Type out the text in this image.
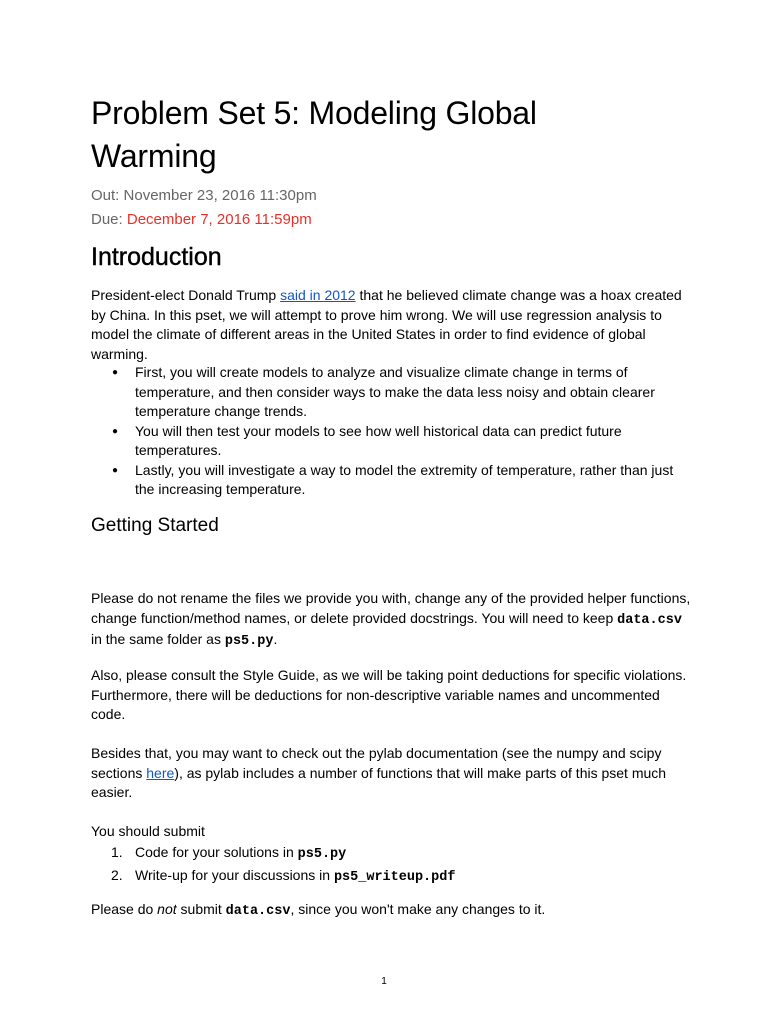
Problem Set 5: Modeling Global Warming
Out: November 23, 2016 11:30pm
Due: December 7, 2016 11:59pm
Introduction

President-elect Donald Trump said in 2012 that he believed climate change was a hoax created by China. In this pset, we will attempt to prove him wrong. We will use regression analysis to model the climate of different areas in the United States in order to find evidence of global warming.

● First, you will create models to analyze and visualize climate change in terms of temperature, and then consider ways to make the data less noisy and obtain clearer temperature change trends.
● You will then test your models to see how well historical data can predict future temperatures.
● Lastly, you will investigate a way to model the extremity of temperature, rather than just the increasing temperature.
Getting Started

Please do not rename the files we provide you with, change any of the provided helper functions, change function/method names, or delete provided docstrings. You will need to keep data.csv in the same folder as ps5.py.

Also, please consult the Style Guide, as we will be taking point deductions for specific violations. Furthermore, there will be deductions for non-descriptive variable names and uncommented code.

Besides that, you may want to check out the pylab documentation (see the numpy and scipy sections here), as pylab includes a number of functions that will make parts of this pset much easier.

You should submit

1. Code for your solutions in ps5.py
2. Write-up for your discussions in ps5_writeup.pdf

Please do not submit data.csv, since you won't make any changes to it.

1
